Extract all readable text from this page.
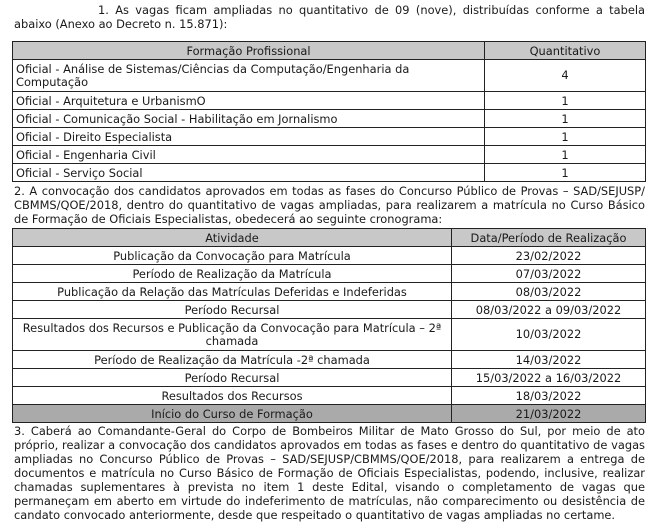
1. As vagas ficam ampliadas no quantitativo de 09 (nove), distribuídas conforme a tabela abaixo (Anexo ao Decreto n. 15.871):

Formação Profissional	Quantitativo
Oficial - Análise de Sistemas/Ciências da Computação/Engenharia da Computação	4
Oficial - Arquitetura e UrbanismO	1
Oficial - Comunicação Social - Habilitação em Jornalismo	1
Oficial - Direito Especialista	1
Oficial - Engenharia Civil	1
Oficial - Serviço Social	1

2. A convocação dos candidatos aprovados em todas as fases do Concurso Público de Provas – SAD/SEJUSP/ CBMMS/QOE/2018, dentro do quantitativo de vagas ampliadas, para realizarem a matrícula no Curso Básico de Formação de Oficiais Especialistas, obedecerá ao seguinte cronograma:

Atividade	Data/Período de Realização
Publicação da Convocação para Matrícula	23/02/2022
Período de Realização da Matrícula	07/03/2022
Publicação da Relação das Matrículas Deferidas e Indeferidas	08/03/2022
Período Recursal	08/03/2022 a 09/03/2022
Resultados dos Recursos e Publicação da Convocação para Matrícula – 2ª chamada	10/03/2022
Período de Realização da Matrícula -2ª chamada	14/03/2022
Período Recursal	15/03/2022 a 16/03/2022
Resultados dos Recursos	18/03/2022
Início do Curso de Formação	21/03/2022

3. Caberá ao Comandante-Geral do Corpo de Bombeiros Militar de Mato Grosso do Sul, por meio de ato próprio, realizar a convocação dos candidatos aprovados em todas as fases e dentro do quantitativo de vagas ampliadas no Concurso Público de Provas – SAD/SEJUSP/CBMMS/QOE/2018, para realizarem a entrega de documentos e matrícula no Curso Básico de Formação de Oficiais Especialistas, podendo, inclusive, realizar chamadas suplementares à prevista no item 1 deste Edital, visando o completamento de vagas que permaneçam em aberto em virtude do indeferimento de matrículas, não comparecimento ou desistência de candato convocado anteriormente, desde que respeitado o quantitativo de vagas ampliadas no certame.
